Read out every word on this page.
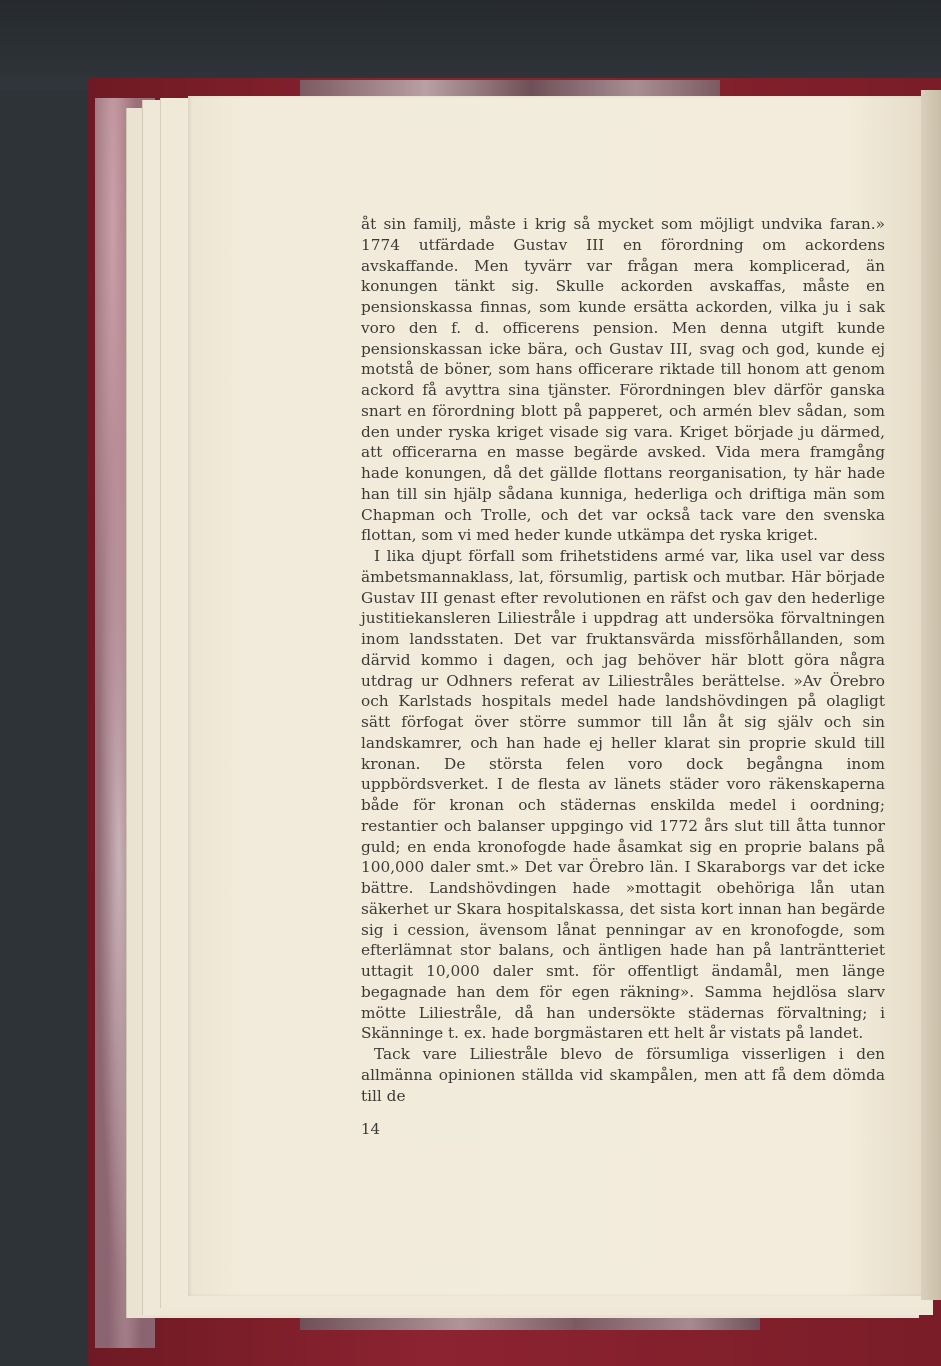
åt sin familj, måste i krig så mycket som möjligt undvika faran.» 1774 utfärdade Gustav III en förordning om ackordens avskaffande. Men tyvärr var frågan mera komplicerad, än konungen tänkt sig. Skulle ackorden avskaffas, måste en pensionskassa finnas, som kunde ersätta ackorden, vilka ju i sak voro den f. d. officerens pension. Men denna utgift kunde pensionskassan icke bära, och Gustav III, svag och god, kunde ej motstå de böner, som hans officerare riktade till honom att genom ackord få avyttra sina tjänster. Förordningen blev därför ganska snart en förordning blott på papperet, och armén blev sådan, som den under ryska kriget visade sig vara. Kriget började ju därmed, att officerarna en masse begärde avsked. Vida mera framgång hade konungen, då det gällde flottans reorganisation, ty här hade han till sin hjälp sådana kunniga, hederliga och driftiga män som Chapman och Trolle, och det var också tack vare den svenska flottan, som vi med heder kunde utkämpa det ryska kriget.

I lika djupt förfall som frihetstidens armé var, lika usel var dess ämbetsmannaklass, lat, försumlig, partisk och mutbar. Här började Gustav III genast efter revolutionen en räfst och gav den hederlige justitiekansleren Liliestråle i uppdrag att undersöka förvaltningen inom landsstaten. Det var fruktansvärda missförhållanden, som därvid kommo i dagen, och jag behöver här blott göra några utdrag ur Odhners referat av Liliestråles berättelse. »Av Örebro och Karlstads hospitals medel hade landshövdingen på olagligt sätt förfogat över större summor till lån åt sig själv och sin landskamrer, och han hade ej heller klarat sin proprie skuld till kronan. De största felen voro dock begångna inom uppbördsverket. I de flesta av länets städer voro räkenskaperna både för kronan och städernas enskilda medel i oordning; restantier och balanser uppgingo vid 1772 års slut till åtta tunnor guld; en enda kronofogde hade åsamkat sig en proprie balans på 100,000 daler smt.» Det var Örebro län. I Skaraborgs var det icke bättre. Landshövdingen hade »mottagit obehöriga lån utan säkerhet ur Skara hospitalskassa, det sista kort innan han begärde sig i cession, ävensom lånat penningar av en kronofogde, som efterlämnat stor balans, och äntligen hade han på lanträntteriet uttagit 10,000 daler smt. för offentligt ändamål, men länge begagnade han dem för egen räkning». Samma hejdlösa slarv mötte Liliestråle, då han undersökte städernas förvaltning; i Skänninge t. ex. hade borgmästaren ett helt år vistats på landet.

Tack vare Liliestråle blevo de försumliga visserligen i den allmänna opinionen ställda vid skampålen, men att få dem dömda till de

14
